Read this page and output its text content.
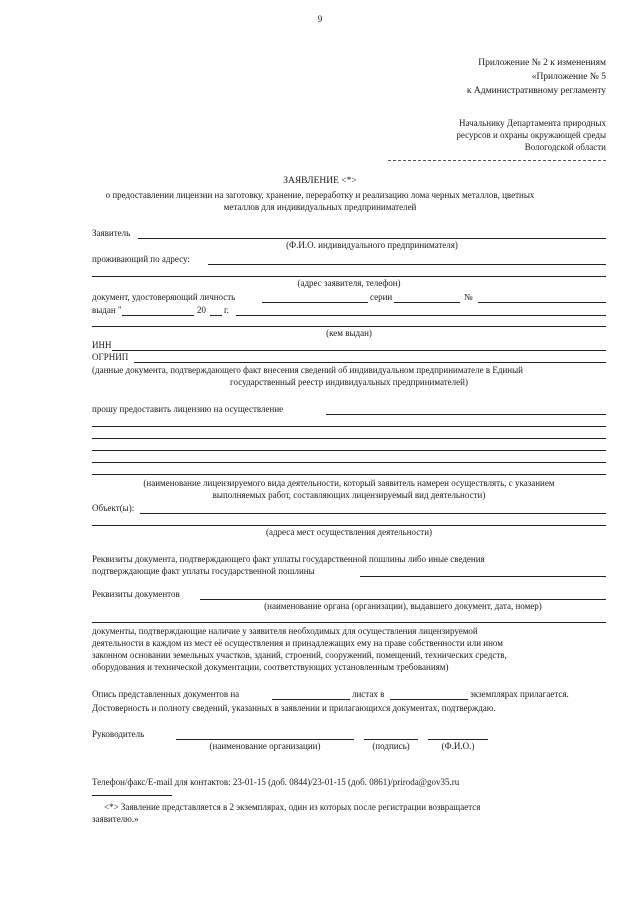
9
Приложение № 2 к изменениям
«Приложение № 5
к Административному регламенту
Начальнику Департамента природных
ресурсов и охраны окружающей среды
Вологодской области
ЗАЯВЛЕНИЕ <*>
о предоставлении лицензии на заготовку, хранение, переработку и реализацию лома черных металлов, цветных
металлов для индивидуальных предпринимателей
Заявитель
(Ф.И.О. индивидуального предпринимателя)
проживающий по адресу:
(адрес заявителя, телефон)
документ, удостоверяющий личность	серии	№
выдан "	20 г.
(кем выдан)
ИНН
ОГРНИП
(данные документа, подтверждающего факт внесения сведений об индивидуальном предпринимателе в Единый
государственный реестр индивидуальных предпринимателей)
прошу предоставить лицензию на осуществление
(наименование лицензируемого вида деятельности, который заявитель намерен осуществлять, с указанием
выполняемых работ, составляющих лицензируемый вид деятельности)
Объект(ы):
(адреса мест осуществления деятельности)
Реквизиты документа, подтверждающего факт уплаты государственной пошлины либо иные сведения
подтверждающие факт уплаты государственной пошлины
Реквизиты документов
(наименование органа (организации), выдавшего документ, дата, номер)
документы, подтверждающие наличие у заявителя необходимых для осуществления лицензируемой
деятельности в каждом из мест её осуществления и принадлежащих ему на праве собственности или ином
законном основании земельных участков, зданий, строений, сооружений, помещений, технических средств,
оборудования и технической документации, соответствующих установленным требованиям)
Опись представленных документов на	листах в	экземплярах прилагается.
Достоверность и полноту сведений, указанных в заявлении и прилагающихся документах, подтверждаю.
Руководитель
(наименование организации)	(подпись)	(Ф.И.О.)
Телефон/факс/E-mail для контактов: 23-01-15 (доб. 0844)/23-01-15 (доб. 0861)/priroda@gov35.ru
<*> Заявление представляется в 2 экземплярах, один из которых после регистрации возвращается
заявителю.»
